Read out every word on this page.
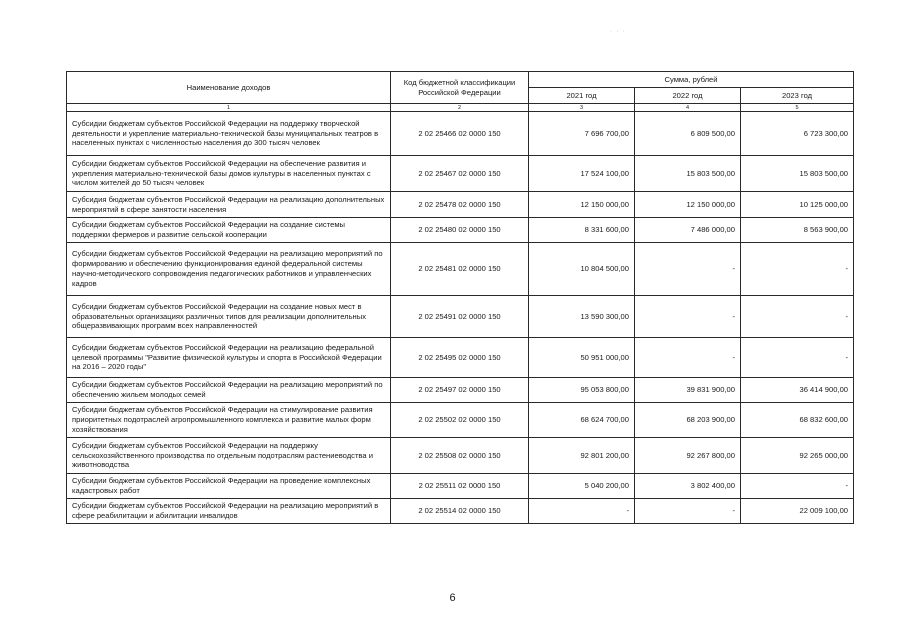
· · ·
Наименование доходов	Код бюджетной классификации Российской Федерации	Сумма, рублей		
		2021 год	2022 год	2023 год
1	2	3	4	5
Субсидии бюджетам субъектов Российской Федерации на поддержку творческой деятельности и укрепление материально-технической базы муниципальных театров в населенных пунктах с численностью населения до 300 тысяч человек	2 02 25466 02 0000 150	7 696 700,00	6 809 500,00	6 723 300,00
Субсидии бюджетам субъектов Российской Федерации на обеспечение развития и укрепления материально-технической базы домов культуры в населенных пунктах с числом жителей до 50 тысяч человек	2 02 25467 02 0000 150	17 524 100,00	15 803 500,00	15 803 500,00
Субсидия бюджетам субъектов Российской Федерации на реализацию дополнительных мероприятий в сфере занятости населения	2 02 25478 02 0000 150	12 150 000,00	12 150 000,00	10 125 000,00
Субсидии бюджетам субъектов Российской Федерации на создание системы поддержки фермеров и развитие сельской кооперации	2 02 25480 02 0000 150	8 331 600,00	7 486 000,00	8 563 900,00
Субсидии бюджетам субъектов Российской Федерации на реализацию мероприятий по формированию и обеспечению функционирования единой федеральной системы научно-методического сопровождения педагогических работников и управленческих кадров	2 02 25481 02 0000 150	10 804 500,00	-	-
Субсидии бюджетам субъектов Российской Федерации на создание новых мест в образовательных организациях различных типов для реализации дополнительных общеразвивающих программ всех направленностей	2 02 25491 02 0000 150	13 590 300,00	-	-
Субсидии бюджетам субъектов Российской Федерации на реализацию федеральной целевой программы "Развитие физической культуры и спорта в Российской Федерации на 2016 – 2020 годы"	2 02 25495 02 0000 150	50 951 000,00	-	-
Субсидии бюджетам субъектов Российской Федерации на реализацию мероприятий по обеспечению жильем молодых семей	2 02 25497 02 0000 150	95 053 800,00	39 831 900,00	36 414 900,00
Субсидии бюджетам субъектов Российской Федерации на стимулирование развития приоритетных подотраслей агропромышленного комплекса и развитие малых форм хозяйствования	2 02 25502 02 0000 150	68 624 700,00	68 203 900,00	68 832 600,00
Субсидии бюджетам субъектов Российской Федерации на поддержку сельскохозяйственного производства по отдельным подотраслям растениеводства и животноводства	2 02 25508 02 0000 150	92 801 200,00	92 267 800,00	92 265 000,00
Субсидии бюджетам субъектов Российской Федерации на проведение комплексных кадастровых работ	2 02 25511 02 0000 150	5 040 200,00	3 802 400,00	-
Субсидии бюджетам субъектов Российской Федерации на реализацию мероприятий в сфере реабилитации и абилитации инвалидов	2 02 25514 02 0000 150	-	-	22 009 100,00
6
